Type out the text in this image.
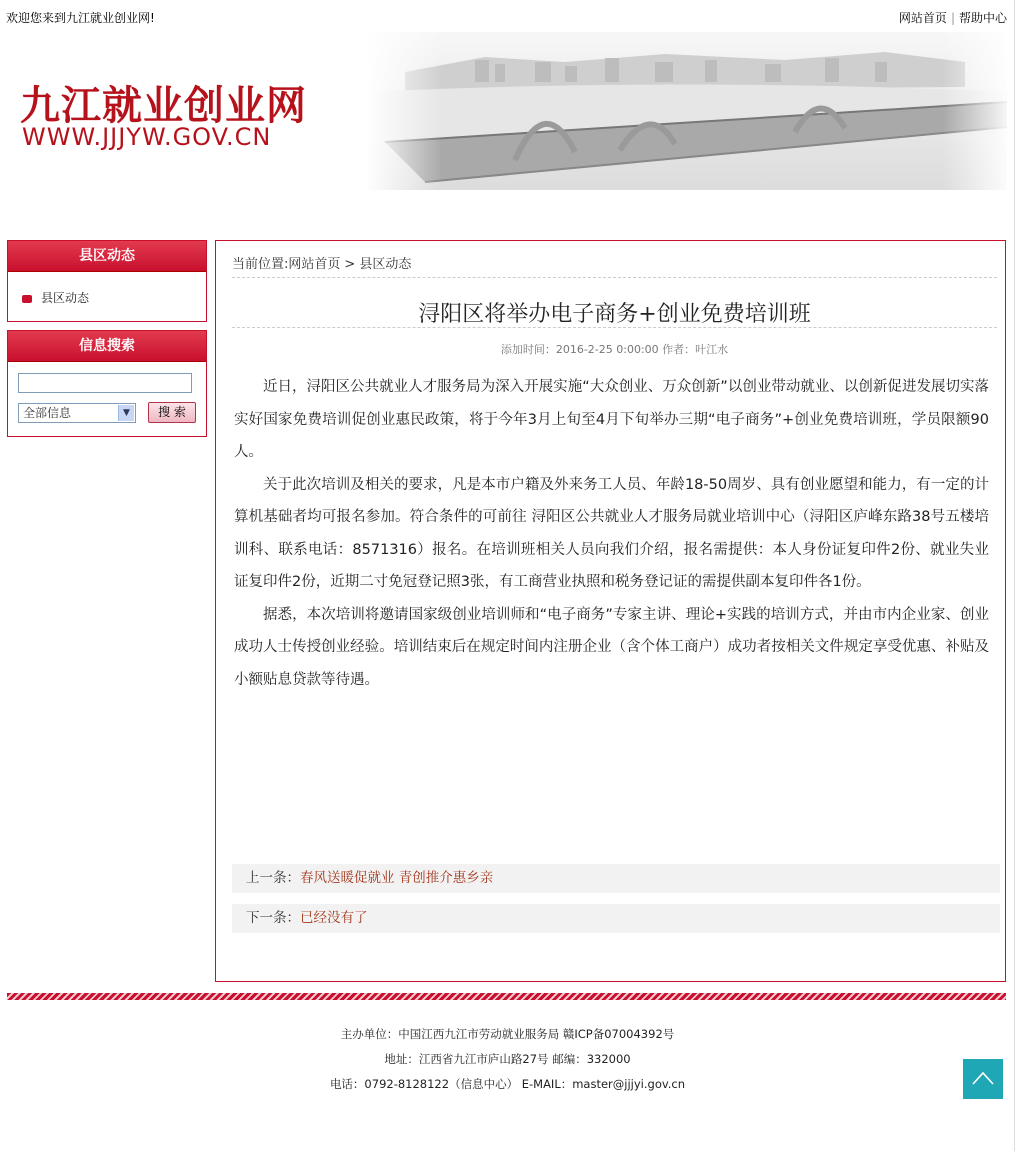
欢迎您来到九江就业创业网!	网站首页 | 帮助中心
九江就业创业网
WWW.JJJYW.GOV.CN
县区动态
县区动态
信息搜索
全部信息	▼	搜 索
当前位置:网站首页 > 县区动态
浔阳区将举办电子商务+创业免费培训班
添加时间：2016-2-25 0:00:00 作者：叶江水

近日，浔阳区公共就业人才服务局为深入开展实施“大众创业、万众创新”以创业带动就业、以创新促进发展切实落实好国家免费培训促创业惠民政策，将于今年3月上旬至4月下旬举办三期“电子商务”+创业免费培训班，学员限额90人。

关于此次培训及相关的要求，凡是本市户籍及外来务工人员、年龄18-50周岁、具有创业愿望和能力，有一定的计算机基础者均可报名参加。符合条件的可前往 浔阳区公共就业人才服务局就业培训中心（浔阳区庐峰东路38号五楼培训科、联系电话：8571316）报名。在培训班相关人员向我们介绍，报名需提供：本人身份证复印件2份、就业失业证复印件2份，近期二寸免冠登记照3张，有工商营业执照和税务登记证的需提供副本复印件各1份。

据悉，本次培训将邀请国家级创业培训师和“电子商务”专家主讲、理论+实践的培训方式，并由市内企业家、创业成功人士传授创业经验。培训结束后在规定时间内注册企业（含个体工商户）成功者按相关文件规定享受优惠、补贴及小额贴息贷款等待遇。

上一条：春风送暖促就业 青创推介惠乡亲
下一条：已经没有了
主办单位：中国江西九江市劳动就业服务局 赣ICP备07004392号
地址：江西省九江市庐山路27号 邮编：332000
电话：0792-8128122（信息中心） E-MAIL：master@jjjyi.gov.cn
